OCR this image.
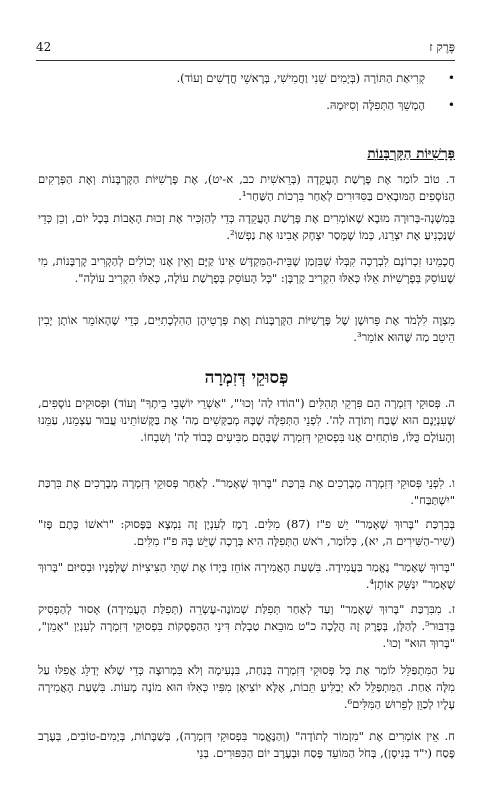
42	פֶּרֶק ז
•
קְרִיאַת הַתּוֹרָה (בְּיָמִים שֵׁנִי וַחֲמִישִׁי, בְּרָאשֵׁי חֳדָשִׁים וְעוֹד).
•
הֶמְשֵׁךְ הַתְּפִלָּה וְסִיּוּמָהּ.
פָּרָשִׁיּוֹת הַקָּרְבָּנוֹת

ד. טוֹב לוֹמַר אֶת פָּרָשַׁת הָעֲקֵדָה (בְּרֵאשִׁית כב, א-יט), אֶת פָּרָשִׁיּוֹת הַקָּרְבָּנוֹת וְאֶת הַפְּרָקִים הַנּוֹסָפִים הַמּוּבָאִים בַּסִּדּוּרִים לְאַחַר בִּרְכוֹת הַשַּׁחַר¹.

בְּמִשְׁנָה-בְּרוּרָה מוּבָא שֶׁאוֹמְרִים אֶת פָּרָשַׁת הָעֲקֵדָה כְּדֵי לְהַזְכִּיר אֶת זְכוּת הָאָבוֹת בְּכָל יוֹם, וְכֵן כְּדֵי שֶׁנַּכְנִיעַ אֶת יִצְרֵנוּ, כְּמוֹ שֶׁמָּסַר יִצְחָק אָבִינוּ אֶת נַפְשׁוֹ².

חֲכָמֵינוּ זִכְרוֹנָם לִבְרָכָה קִבְּלוּ שֶׁבִּזְמַן שֶׁבֵּית-הַמִּקְדָּשׁ אֵינוֹ קַיָּם וְאֵין אָנוּ יְכוֹלִים לְהַקְרִיב קָרְבָּנוֹת, מִי שֶׁעוֹסֵק בְּפָרָשִׁיּוֹת אֵלּוּ כְּאִלּוּ הִקְרִיב קָרְבָּן: "כָּל הָעוֹסֵק בְּפָרָשַׁת עוֹלָה, כְּאִלּוּ הִקְרִיב עוֹלָה".

מִצְוָה לִלְמֹד אֶת פֵּרוּשָׁן שֶׁל פָּרָשִׁיּוֹת הַקָּרְבָּנוֹת וְאֶת פְּרָטֵיהֶן הַהִלְכָתִיִּים, כְּדֵי שֶׁהָאוֹמֵר אוֹתָן יָבִין הֵיטֵב מַה שֶּׁהוּא אוֹמֵר³.

פְּסוּקֵי דְּזִמְרָה

ה. פְּסוּקֵי דְּזִמְרָה הֵם פִּרְקֵי תְּהִלִּים ("הוֹדוּ לַה' וְכוּ'", "אַשְׁרֵי יוֹשְׁבֵי בֵיתֶךָ" וְעוֹד) וּפְסוּקִים נוֹסָפִים, שֶׁעִנְיָנָם הוּא שֶׁבַח וְתוֹדָה לַה'. לִפְנֵי הַתְּפִלָּה שֶׁבָּהּ מְבַקְּשִׁים מַה' אֶת בַּקָּשׁוֹתֵינוּ עֲבוּר עַצְמֵנוּ, עַמֵּנוּ וְהָעוֹלָם כֻּלּוֹ, פּוֹתְחִים אָנוּ בִּפְסוּקֵי דְּזִמְרָה שֶׁבָּהֶם מַבִּיעִים כָּבוֹד לַה' וְשִׁבְחוֹ.

ו. לִפְנֵי פְּסוּקֵי דְּזִמְרָה מְבָרְכִים אֶת בִּרְכַּת "בָּרוּךְ שֶׁאָמַר". לְאַחַר פְּסוּקֵי דְּזִמְרָה מְבָרְכִים אֶת בִּרְכַּת "יִשְׁתַּבַּח".

בְּבִרְכַּת "בָּרוּךְ שֶׁאָמַר" יֵשׁ פ"ז (87) מִלִּים. רֶמֶז לְעִנְיָן זֶה נִמְצָא בַּפָּסוּק: "רֹאשׁוֹ כֶּתֶם פָּז" (שִׁיר-הַשִּׁירִים ה, יא), כְּלוֹמַר, רֹאשׁ הַתְּפִלָּה הִיא בְּרָכָה שֶׁיֵּשׁ בָּהּ פ"ז מִלִּים.

"בָּרוּךְ שֶׁאָמַר" נֶאֱמַר בַּעֲמִידָה. בִּשְׁעַת הָאֲמִירָה אוֹחֵז בְּיָדוֹ אֶת שְׁתֵּי הַצִּיצִיּוֹת שֶׁלְּפָנָיו וּבְסִיּוּם "בָּרוּךְ שֶׁאָמַר" יִנַּשֵּׁק אוֹתָן⁴.

ז. מִבִּרְכַּת "בָּרוּךְ שֶׁאָמַר" וְעַד לְאַחַר תְּפִלַּת שְׁמוֹנֶה-עֶשְׂרֵה (תְּפִלַּת הָעֲמִידָה) אָסוּר לְהַפְסִיק בְּדִבּוּר⁵. לְהַלָּן, בְּפֶרֶק זֶה הֲלָכָה כ"ט מוּבֵאת טַבְלַת דִּינֵי הַהַפְסָקוֹת בִּפְסוּקֵי דְּזִמְרָה לְעִנְיַן "אָמֵן", "בָּרוּךְ הוּא" וְכוּ'.

עַל הַמִּתְפַּלֵּל לוֹמַר אֶת כָּל פְּסוּקֵי דְּזִמְרָה בְּנַחַת, בִּנְעִימָה וְלֹא בִּמְרוּצָה כְּדֵי שֶׁלֹּא יְדַלֵּג אֲפִלּוּ עַל מִלָּה אַחַת. הַמִּתְפַּלֵּל לֹא יְבַלִּיעַ תֵּבוֹת, אֶלָּא יוֹצִיאָן מִפִּיו כְּאִלּוּ הוּא מוֹנֶה מָעוֹת. בִּשְׁעַת הָאֲמִירָה עָלָיו לְכַוֵּן לְפֵרוּשׁ הַמִּלִּים⁶.

ח. אֵין אוֹמְרִים אֶת "מִזְמוֹר לְתוֹדָה" (וְהַנֶּאֱמַר בִּפְסוּקֵי דְּזִמְרָה), בְּשַׁבָּתוֹת, בְּיָמִים-טוֹבִים, בְּעֶרֶב פֶּסַח (י"ד בְּנִיסָן), בְּחֹל הַמּוֹעֵד פֶּסַח וּבְעֶרֶב יוֹם הַכִּפּוּרִים. בְּנֵי
